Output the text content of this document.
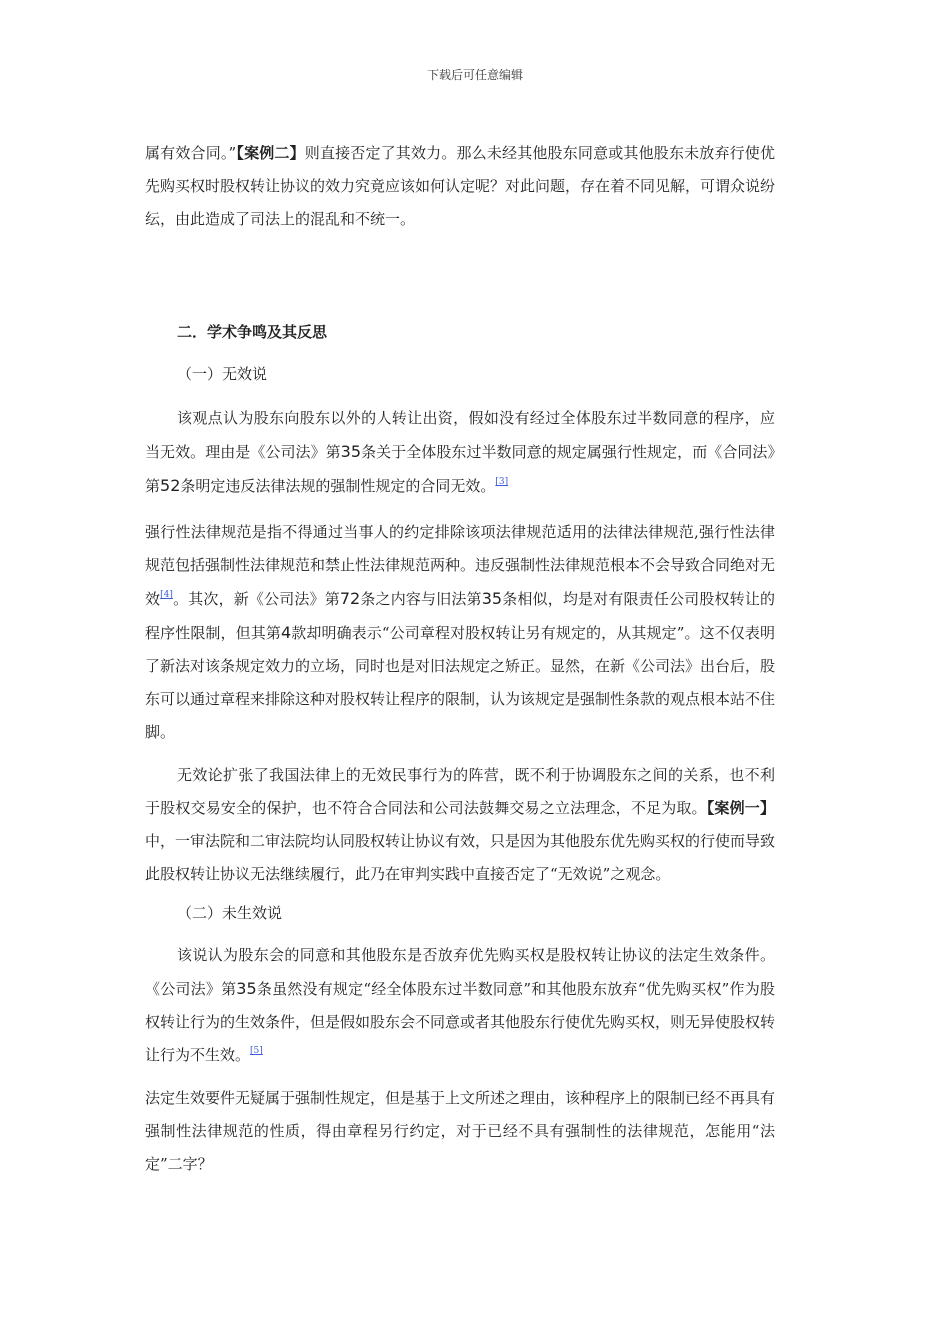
下载后可任意编辑

属有效合同。”【案例二】则直接否定了其效力。那么未经其他股东同意或其他股东未放弃行使优先购买权时股权转让协议的效力究竟应该如何认定呢？对此问题，存在着不同见解，可谓众说纷纭，由此造成了司法上的混乱和不统一。

二．学术争鸣及其反思

（一）无效说

该观点认为股东向股东以外的人转让出资，假如没有经过全体股东过半数同意的程序，应当无效。理由是《公司法》第35条关于全体股东过半数同意的规定属强行性规定，而《合同法》第52条明定违反法律法规的强制性规定的合同无效。[3]

强行性法律规范是指不得通过当事人的约定排除该项法律规范适用的法律法律规范,强行性法律规范包括强制性法律规范和禁止性法律规范两种。违反强制性法律规范根本不会导致合同绝对无效[4]。其次，新《公司法》第72条之内容与旧法第35条相似，均是对有限责任公司股权转让的程序性限制，但其第4款却明确表示“公司章程对股权转让另有规定的，从其规定”。这不仅表明了新法对该条规定效力的立场，同时也是对旧法规定之矫正。显然，在新《公司法》出台后，股东可以通过章程来排除这种对股权转让程序的限制，认为该规定是强制性条款的观点根本站不住脚。

无效论扩张了我国法律上的无效民事行为的阵营，既不利于协调股东之间的关系，也不利于股权交易安全的保护，也不符合合同法和公司法鼓舞交易之立法理念，不足为取。【案例一】中，一审法院和二审法院均认同股权转让协议有效，只是因为其他股东优先购买权的行使而导致此股权转让协议无法继续履行，此乃在审判实践中直接否定了“无效说”之观念。

（二）未生效说

该说认为股东会的同意和其他股东是否放弃优先购买权是股权转让协议的法定生效条件。《公司法》第35条虽然没有规定“经全体股东过半数同意”和其他股东放弃“优先购买权”作为股权转让行为的生效条件，但是假如股东会不同意或者其他股东行使优先购买权，则无异使股权转让行为不生效。[5]

法定生效要件无疑属于强制性规定，但是基于上文所述之理由，该种程序上的限制已经不再具有强制性法律规范的性质，得由章程另行约定，对于已经不具有强制性的法律规范，怎能用“法定”二字？
